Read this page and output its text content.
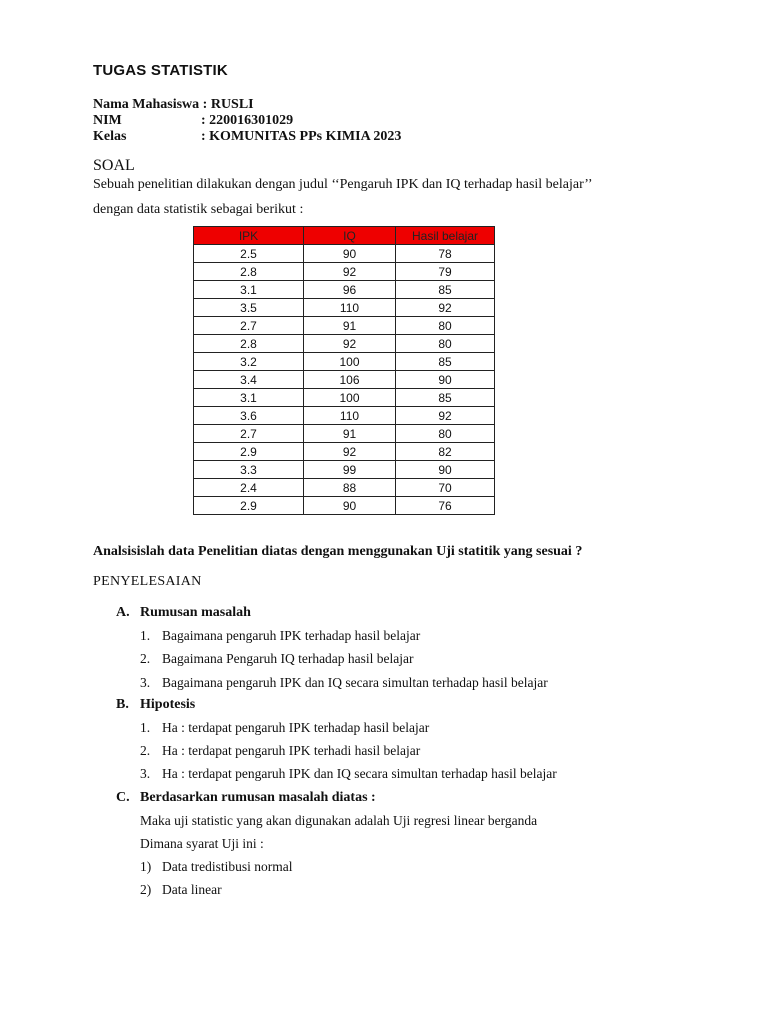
TUGAS STATISTIK
Nama Mahasiswa : RUSLI
NIM	: 220016301029
Kelas	: KOMUNITAS PPs KIMIA 2023
SOAL
Sebuah penelitian dilakukan dengan judul ‘‘Pengaruh IPK dan IQ terhadap hasil belajar’’
dengan data statistik sebagai berikut :
IPK	IQ	Hasil belajar
2.5	90	78
2.8	92	79
3.1	96	85
3.5	110	92
2.7	91	80
2.8	92	80
3.2	100	85
3.4	106	90
3.1	100	85
3.6	110	92
2.7	91	80
2.9	92	82
3.3	99	90
2.4	88	70
2.9	90	76
Analsisislah data Penelitian diatas dengan menggunakan Uji statitik yang sesuai ?
PENYELESAIAN
A. Rumusan masalah
1. Bagaimana pengaruh IPK terhadap hasil belajar
2. Bagaimana Pengaruh IQ terhadap hasil belajar
3. Bagaimana pengaruh IPK dan IQ secara simultan terhadap hasil belajar
B. Hipotesis
1. Ha : terdapat pengaruh IPK terhadap hasil belajar
2. Ha : terdapat pengaruh IPK terhadi hasil belajar
3. Ha : terdapat pengaruh IPK dan IQ secara simultan terhadap hasil belajar
C. Berdasarkan rumusan masalah diatas :
Maka uji statistic yang akan digunakan adalah Uji regresi linear berganda
Dimana syarat Uji ini :
1) Data tredistibusi normal
2) Data linear
